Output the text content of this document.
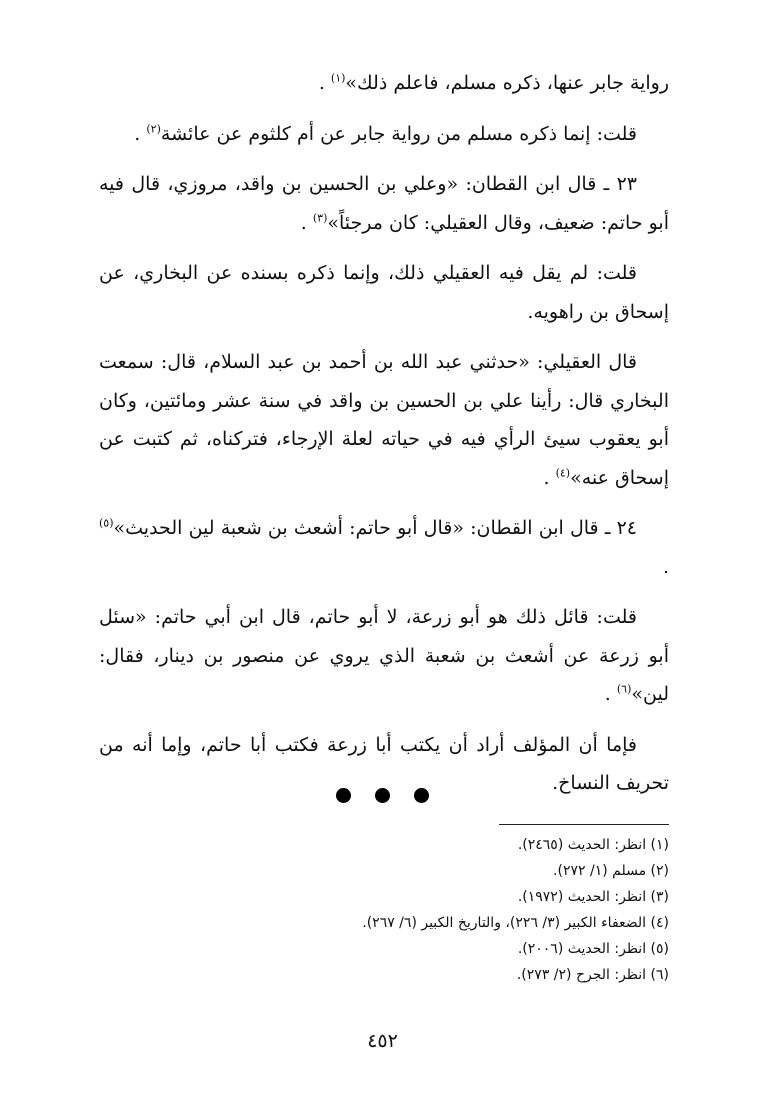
رواية جابر عنها، ذكره مسلم، فاعلم ذلك»$^{(١)}$ .

قلت: إنما ذكره مسلم من رواية جابر عن أم كلثوم عن عائشة$^{(٢)}$ .

٢٣ ـ قال ابن القطان: «وعلي بن الحسين بن واقد، مروزي، قال فيه أبو حاتم: ضعيف، وقال العقيلي: كان مرجئاً»$^{(٣)}$ .

قلت: لم يقل فيه العقيلي ذلك، وإنما ذكره بسنده عن البخاري، عن إسحاق بن راهويه.

قال العقيلي: «حدثني عبد الله بن أحمد بن عبد السلام، قال: سمعت البخاري قال: رأينا علي بن الحسين بن واقد في سنة عشر ومائتين، وكان أبو يعقوب سيئ الرأي فيه في حياته لعلة الإرجاء، فتركناه، ثم كتبت عن إسحاق عنه»$^{(٤)}$ .

٢٤ ـ قال ابن القطان: «قال أبو حاتم: أشعث بن شعبة لين الحديث»$^{(٥)}$ .

قلت: قائل ذلك هو أبو زرعة، لا أبو حاتم، قال ابن أبي حاتم: «سئل أبو زرعة عن أشعث بن شعبة الذي يروي عن منصور بن دينار، فقال: لين»$^{(٦)}$ .

فإما أن المؤلف أراد أن يكتب أبا زرعة فكتب أبا حاتم، وإما أنه من تحريف النساخ.

(١) انظر: الحديث (٢٤٦٥).

(٢) مسلم (١/ ٢٧٢).

(٣) انظر: الحديث (١٩٧٢).

(٤) الضعفاء الكبير (٣/ ٢٢٦)، والتاريخ الكبير (٦/ ٢٦٧).

(٥) انظر: الحديث (٢٠٠٦).

(٦) انظر: الجرح (٢/ ٢٧٣).

٤٥٢
